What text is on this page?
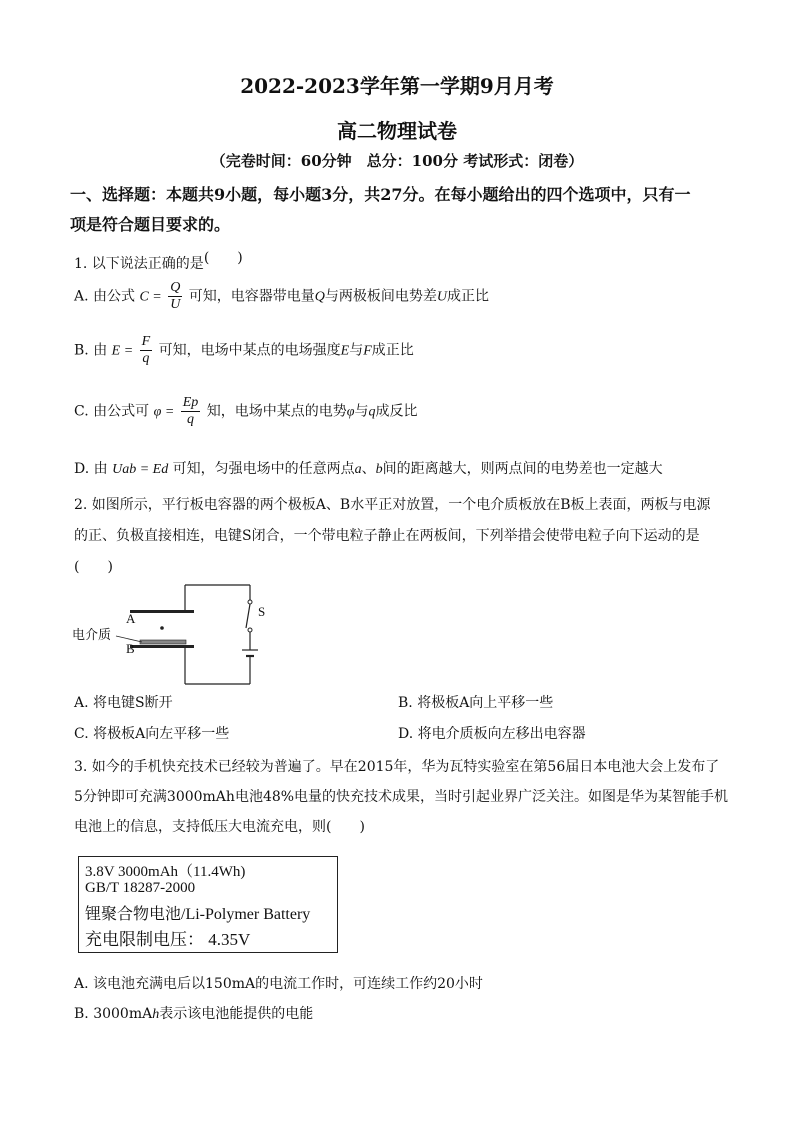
2022-2023学年第一学期9月月考
高二物理试卷
（完卷时间：60分钟　总分：100分 考试形式：闭卷）
一、选择题：本题共9小题，每小题3分，共27分。在每小题给出的四个选项中，只有一
项是符合题目要求的。
1. 以下说法正确的是(　　)
A. 由公式 $C = \frac{Q}{U}$ 可知，电容器带电量Q与两极板间电势差U成正比
B. 由 $E = \frac{F}{q}$ 可知，电场中某点的电场强度E与F成正比
C. 由公式可 $\varphi = \frac{Ep}{q}$ 知，电场中某点的电势φ与q成反比
D. 由 Uab = Ed 可知，匀强电场中的任意两点a、b间的距离越大，则两点间的电势差也一定越大
2. 如图所示，平行板电容器的两个极板A、B水平正对放置，一个电介质板放在B板上表面，两板与电源
的正、负极直接相连，电键S闭合，一个带电粒子静止在两板间，下列举措会使带电粒子向下运动的是
(　　)
A
B
S
电介质
A. 将电键S断开	B. 将极板A向上平移一些
C. 将极板A向左平移一些	D. 将电介质板向左移出电容器
3. 如今的手机快充技术已经较为普遍了。早在2015年，华为瓦特实验室在第56届日本电池大会上发布了
5分钟即可充满3000mAh电池48%电量的快充技术成果，当时引起业界广泛关注。如图是华为某智能手机
电池上的信息，支持低压大电流充电，则(　　)
3.8V 3000mAh（11.4Wh)
GB/T 18287-2000
锂聚合物电池/Li-Polymer Battery
充电限制电压： 4.35V
A. 该电池充满电后以150mA的电流工作时，可连续工作约20小时
B. 3000mAh表示该电池能提供的电能
